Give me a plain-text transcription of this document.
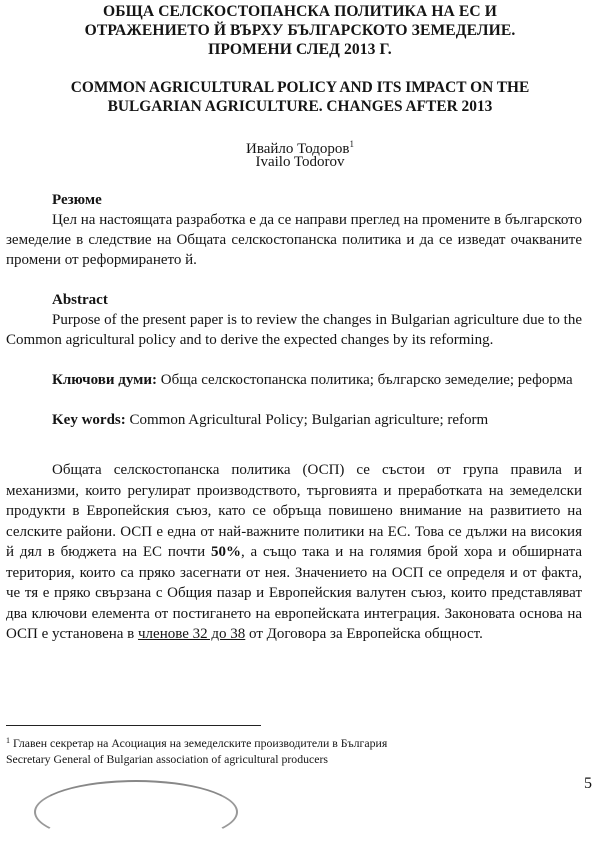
ОБЩА СЕЛСКОСТОПАНСКА ПОЛИТИКА НА ЕС И
ОТРАЖЕНИЕТО Й ВЪРХУ БЪЛГАРСКОТО ЗЕМЕДЕЛИЕ.
ПРОМЕНИ СЛЕД 2013 Г.
COMMON AGRICULTURAL POLICY AND ITS IMPACT ON THE
BULGARIAN AGRICULTURE. CHANGES AFTER 2013
Ивайло Тодоров$^1$
Ivailo Todorov
Резюме
Цел на настоящата разработка е да се направи преглед на промените в българското земеделие в следствие на Общата селскостопанска политика и да се изведат очакваните промени от реформирането й.
Abstract
Purpose of the present paper is to review the changes in Bulgarian agriculture due to the Common agricultural policy and to derive the expected changes by its reforming.
Ключови думи: Обща селскостопанска политика; българско земеделие; реформа
Key words: Common Agricultural Policy; Bulgarian agriculture; reform
Общата селскостопанска политика (ОСП) се състои от група правила и механизми, които регулират производството, търговията и преработката на земеделски продукти в Европейския съюз, като се обръща повишено внимание на развитието на селските райони. ОСП е една от най-важните политики на ЕС. Това се дължи на високия й дял в бюджета на ЕС почти 50%, а също така и на голямия брой хора и обширната територия, които са пряко засегнати от нея. Значението на ОСП се определя и от факта, че тя е пряко свързана с Общия пазар и Европейския валутен съюз, които представляват два ключови елемента от постигането на европейската интеграция. Законовата основа на ОСП е установена в членове 32 до 38 от Договора за Европейска общност.
$^1$ Главен секретар на Асоциация на земеделските производители в България
Secretary General of Bulgarian association of agricultural producers
5
